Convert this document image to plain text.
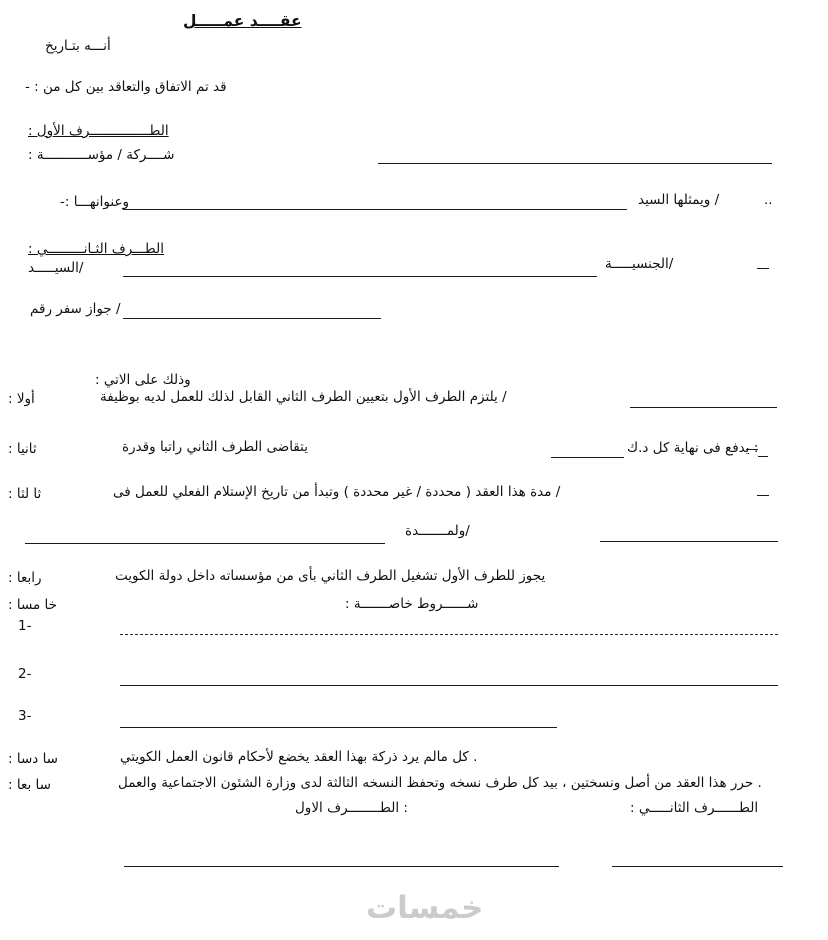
عقــــد عمـــــل
أنـــه بتـاريخ
قد تم الاتفاق والتعاقد بين كل من : -
الطـــــــــــــــرف الأول :
شــــركة / مؤســـــــــــة :
وعنوانهـــا :-	/ ويمثلها السيد	..
الطـــرف الثـانـــــــــي :
/السيـــــد	/الجنسيـــــة
/ جواز سفر رقم
وذلك على الاتي :
أولا :	/ يلتزم الطرف الأول بتعيين الطرف الثاني القابل لذلك للعمل لديه بوظيفة
ثانيا :	يتقاضى الطرف الثاني راتبا وقدرة	: يدفع فى نهاية كل د.ك
ثا لثا :	/ مدة هذا العقد ( محددة / غير محددة ) وتبدأ من تاريخ الإستلام الفعلي للعمل فى
/ولمـــــــدة
رابعا :	يجوز للطرف الأول تشغيل الطرف الثاني بأى من مؤسساته داخل دولة الكويت
خا مسا :	شــــــروط خاصـــــــة :
1-
2-
3-
سا دسا :	. كل مالم يرد ذركة بهذا العقد يخضع لأحكام قانون العمل الكويتي
سا بعا :	. حرر هذا العقد من أصل ونسختين ، بيد كل طرف نسخه وتحفظ النسخه الثالثة لدى وزارة الشئون الاجتماعية والعمل
: الطــــــــرف الاول	الطــــــرف الثانـــــي :
خمسات
